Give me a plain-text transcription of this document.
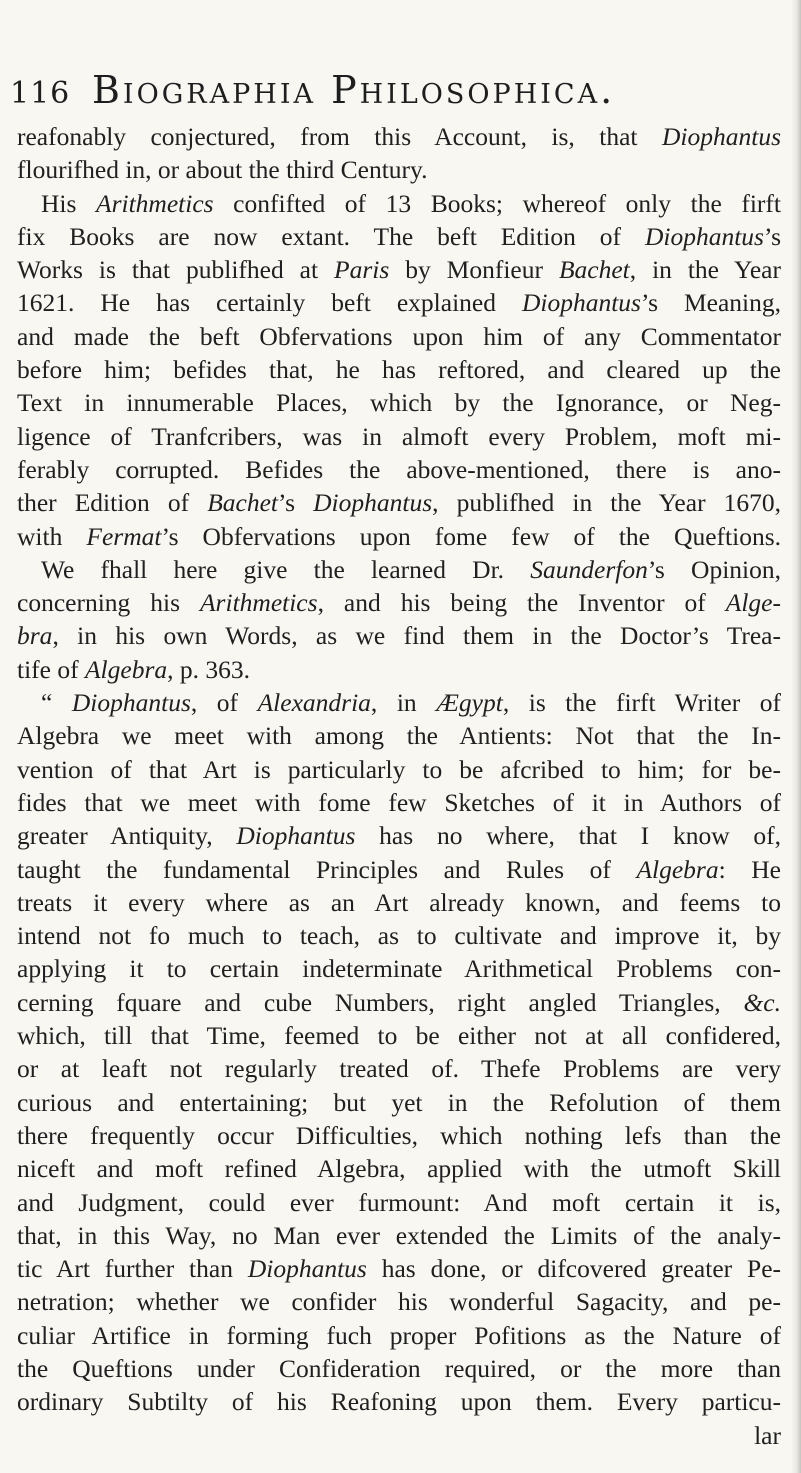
116 Biographia Philosophica.
reafonably conjectured, from this Account, is, that Diophantus
flourifhed in, or about the third Century.
His Arithmetics confifted of 13 Books; whereof only the firft
fix Books are now extant. The beft Edition of Diophantus’s
Works is that publifhed at Paris by Monfieur Bachet, in the Year
1621. He has certainly beft explained Diophantus’s Meaning,
and made the beft Obfervations upon him of any Commentator
before him; befides that, he has reftored, and cleared up the
Text in innumerable Places, which by the Ignorance, or Neg-
ligence of Tranfcribers, was in almoft every Problem, moft mi-
ferably corrupted. Befides the above-mentioned, there is ano-
ther Edition of Bachet’s Diophantus, publifhed in the Year 1670,
with Fermat’s Obfervations upon fome few of the Queftions.
We fhall here give the learned Dr. Saunderfon’s Opinion,
concerning his Arithmetics, and his being the Inventor of Alge-
bra, in his own Words, as we find them in the Doctor’s Trea-
tife of Algebra, p. 363.
“ Diophantus, of Alexandria, in Ægypt, is the firft Writer of
Algebra we meet with among the Antients: Not that the In-
vention of that Art is particularly to be afcribed to him; for be-
fides that we meet with fome few Sketches of it in Authors of
greater Antiquity, Diophantus has no where, that I know of,
taught the fundamental Principles and Rules of Algebra: He
treats it every where as an Art already known, and feems to
intend not fo much to teach, as to cultivate and improve it, by
applying it to certain indeterminate Arithmetical Problems con-
cerning fquare and cube Numbers, right angled Triangles, &c.
which, till that Time, feemed to be either not at all confidered,
or at leaft not regularly treated of. Thefe Problems are very
curious and entertaining; but yet in the Refolution of them
there frequently occur Difficulties, which nothing lefs than the
niceft and moft refined Algebra, applied with the utmoft Skill
and Judgment, could ever furmount: And moft certain it is,
that, in this Way, no Man ever extended the Limits of the analy-
tic Art further than Diophantus has done, or difcovered greater Pe-
netration; whether we confider his wonderful Sagacity, and pe-
culiar Artifice in forming fuch proper Pofitions as the Nature of
the Queftions under Confideration required, or the more than
ordinary Subtilty of his Reafoning upon them. Every particu-
lar
